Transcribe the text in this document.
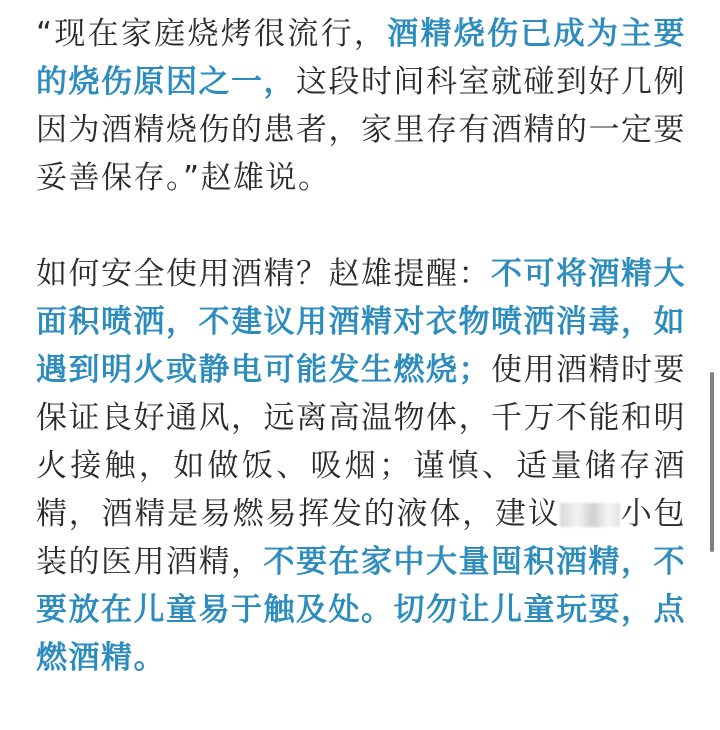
“现在家庭烧烤很流行，酒精烧伤已成为主要的烧伤原因之一，这段时间科室就碰到好几例因为酒精烧伤的患者，家里存有酒精的一定要妥善保存。”赵雄说。

如何安全使用酒精？赵雄提醒：不可将酒精大面积喷洒，不建议用酒精对衣物喷洒消毒，如遇到明火或静电可能发生燃烧；使用酒精时要保证良好通风，远离高温物体，千万不能和明火接触，如做饭、吸烟；谨慎、适量储存酒精，酒精是易燃易挥发的液体，建议 小包装的医用酒精，不要在家中大量囤积酒精，不要放在儿童易于触及处。切勿让儿童玩耍，点燃酒精。
